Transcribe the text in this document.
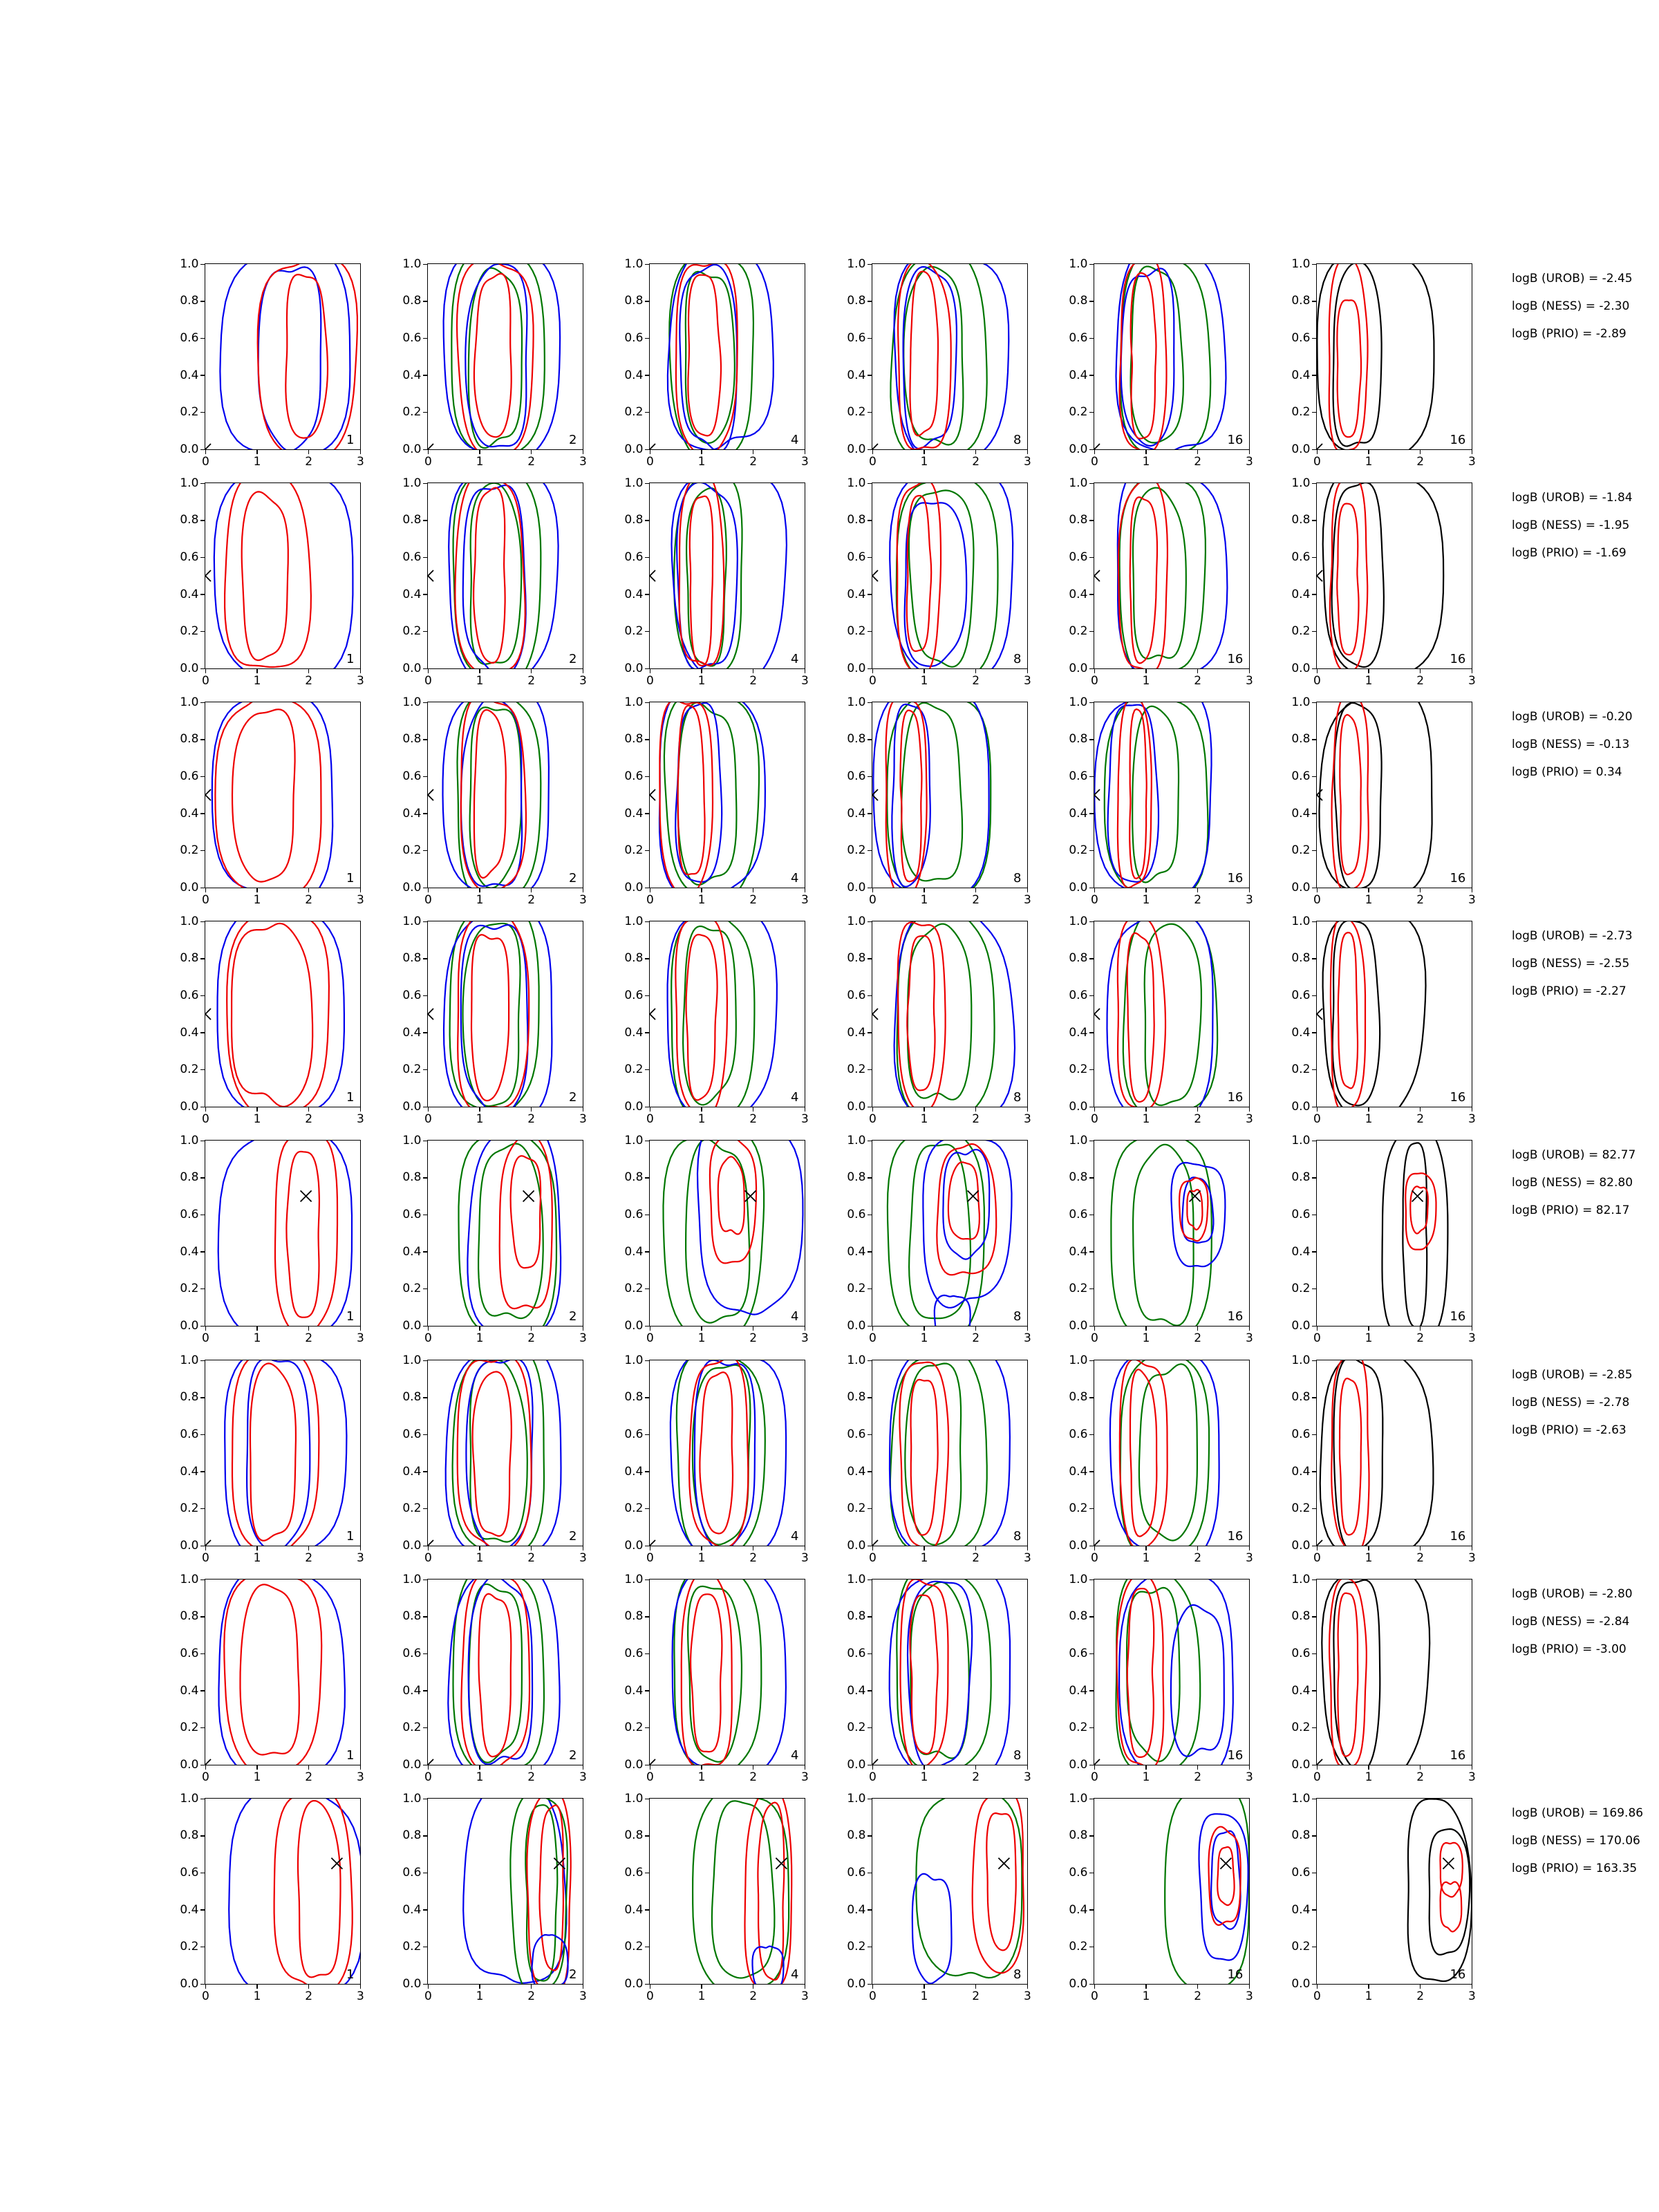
0	1	2	3
0.0
0.2
0.4
0.6
0.8
1.0
1
0	1	2	3
0.0
0.2
0.4
0.6
0.8
1.0
2
0	1	2	3
0.0
0.2
0.4
0.6
0.8
1.0
4
0	1	2	3
0.0
0.2
0.4
0.6
0.8
1.0
8
0	1	2	3
0.0
0.2
0.4
0.6
0.8
1.0
16
0	1	2	3
0.0
0.2
0.4
0.6
0.8
1.0
16
logB (UROB) = -2.45
logB (NESS) = -2.30
logB (PRIO) = -2.89
0	1	2	3
0.0
0.2
0.4
0.6
0.8
1.0
1
0	1	2	3
0.0
0.2
0.4
0.6
0.8
1.0
2
0	1	2	3
0.0
0.2
0.4
0.6
0.8
1.0
4
0	1	2	3
0.0
0.2
0.4
0.6
0.8
1.0
8
0	1	2	3
0.0
0.2
0.4
0.6
0.8
1.0
16
0	1	2	3
0.0
0.2
0.4
0.6
0.8
1.0
16
logB (UROB) = -1.84
logB (NESS) = -1.95
logB (PRIO) = -1.69
0	1	2	3
0.0
0.2
0.4
0.6
0.8
1.0
1
0	1	2	3
0.0
0.2
0.4
0.6
0.8
1.0
2
0	1	2	3
0.0
0.2
0.4
0.6
0.8
1.0
4
0	1	2	3
0.0
0.2
0.4
0.6
0.8
1.0
8
0	1	2	3
0.0
0.2
0.4
0.6
0.8
1.0
16
0	1	2	3
0.0
0.2
0.4
0.6
0.8
1.0
16
logB (UROB) = -0.20
logB (NESS) = -0.13
logB (PRIO) = 0.34
0	1	2	3
0.0
0.2
0.4
0.6
0.8
1.0
1
0	1	2	3
0.0
0.2
0.4
0.6
0.8
1.0
2
0	1	2	3
0.0
0.2
0.4
0.6
0.8
1.0
4
0	1	2	3
0.0
0.2
0.4
0.6
0.8
1.0
8
0	1	2	3
0.0
0.2
0.4
0.6
0.8
1.0
16
0	1	2	3
0.0
0.2
0.4
0.6
0.8
1.0
16
logB (UROB) = -2.73
logB (NESS) = -2.55
logB (PRIO) = -2.27
0	1	2	3
0.0
0.2
0.4
0.6
0.8
1.0
1
0	1	2	3
0.0
0.2
0.4
0.6
0.8
1.0
2
0	1	2	3
0.0
0.2
0.4
0.6
0.8
1.0
4
0	1	2	3
0.0
0.2
0.4
0.6
0.8
1.0
8
0	1	2	3
0.0
0.2
0.4
0.6
0.8
1.0
16
0	1	2	3
0.0
0.2
0.4
0.6
0.8
1.0
16
logB (UROB) = 82.77
logB (NESS) = 82.80
logB (PRIO) = 82.17
0	1	2	3
0.0
0.2
0.4
0.6
0.8
1.0
1
0	1	2	3
0.0
0.2
0.4
0.6
0.8
1.0
2
0	1	2	3
0.0
0.2
0.4
0.6
0.8
1.0
4
0	1	2	3
0.0
0.2
0.4
0.6
0.8
1.0
8
0	1	2	3
0.0
0.2
0.4
0.6
0.8
1.0
16
0	1	2	3
0.0
0.2
0.4
0.6
0.8
1.0
16
logB (UROB) = -2.85
logB (NESS) = -2.78
logB (PRIO) = -2.63
0	1	2	3
0.0
0.2
0.4
0.6
0.8
1.0
1
0	1	2	3
0.0
0.2
0.4
0.6
0.8
1.0
2
0	1	2	3
0.0
0.2
0.4
0.6
0.8
1.0
4
0	1	2	3
0.0
0.2
0.4
0.6
0.8
1.0
8
0	1	2	3
0.0
0.2
0.4
0.6
0.8
1.0
16
0	1	2	3
0.0
0.2
0.4
0.6
0.8
1.0
16
logB (UROB) = -2.80
logB (NESS) = -2.84
logB (PRIO) = -3.00
0	1	2	3
0.0
0.2
0.4
0.6
0.8
1.0
1
0	1	2	3
0.0
0.2
0.4
0.6
0.8
1.0
2
0	1	2	3
0.0
0.2
0.4
0.6
0.8
1.0
4
0	1	2	3
0.0
0.2
0.4
0.6
0.8
1.0
8
0	1	2	3
0.0
0.2
0.4
0.6
0.8
1.0
16
0	1	2	3
0.0
0.2
0.4
0.6
0.8
1.0
16
logB (UROB) = 169.86
logB (NESS) = 170.06
logB (PRIO) = 163.35
